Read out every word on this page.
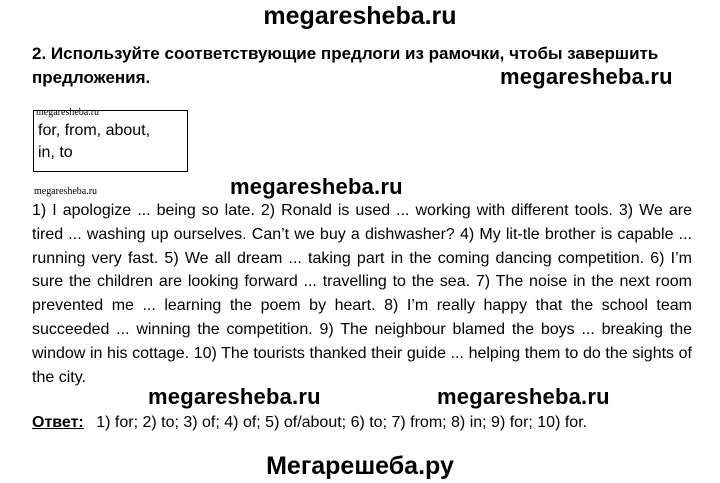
megaresheba.ru
2. Используйте соответствующие предлоги из рамочки, чтобы завершить предложения.	megaresheba.ru
megaresheba.ru
for, from, about,
in, to
megaresheba.ru	megaresheba.ru
1) I apologize ... being so late. 2) Ronald is used ... working with different tools. 3) We are tired ... washing up ourselves. Can’t we buy a dishwasher? 4) My lit-tle brother is capable ... running very fast. 5) We all dream ... taking part in the coming dancing competition. 6) I’m sure the children are looking forward ... travelling to the sea. 7) The noise in the next room prevented me ... learning the poem by heart. 8) I’m really happy that the school team succeeded ... winning the competition. 9) The neighbour blamed the boys ... breaking the window in his cottage. 10) The tourists thanked their guide ... helping them to do the sights of the city.
megaresheba.ru	megaresheba.ru
Ответ: 1) for; 2) to; 3) of; 4) of; 5) of/about; 6) to; 7) from; 8) in; 9) for; 10) for.
Мегарешеба.ру
